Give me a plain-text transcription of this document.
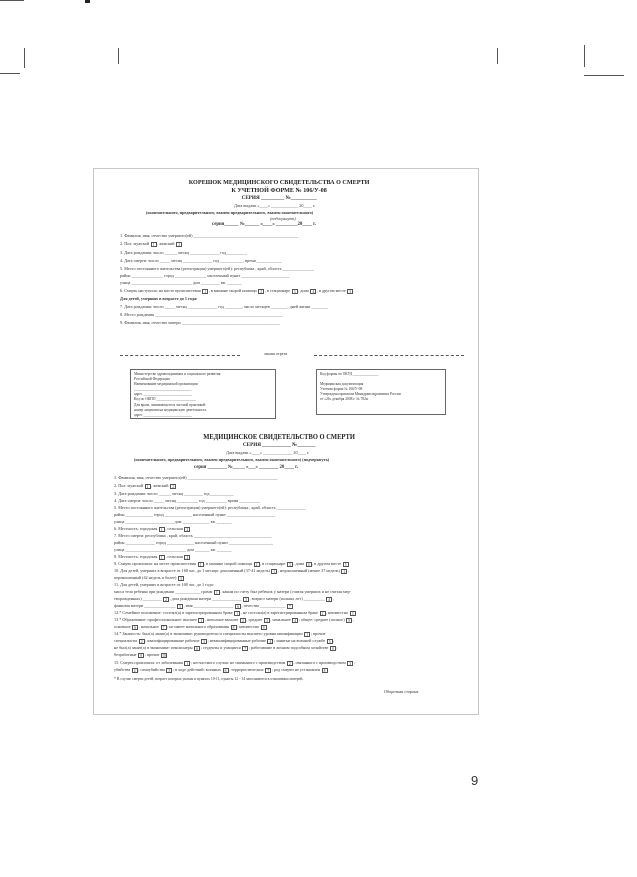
КОРЕШОК МЕДИЦИНСКОГО СВИДЕТЕЛЬСТВА О СМЕРТИ
К УЧЕТНОЙ ФОРМЕ № 106/У-08
СЕРИЯ _________ №__________
Дата выдачи «____» _____________ 20____ г.
(окончательного, предварительного, взамен предварительного, взамен окончательного)
(подчеркнуть)
серия______ №______ «____» _________20____ г.
1. Фамилия, имя, отчество умершего(ей) __________________________________________________
2. Пол: мужской 1 , женский 2
3. Дата рождения: число ______ месяц ______________ год__________
4. Дата смерти: число _____ месяц ______________ год ___________, время ____________
5. Место постоянного жительства (регистрации) умершего(ей): республика , край, область _______________
район _______________ город _______________ населенный пункт _______________________
улица _____________________________ дом _________ кв. _______
6. Смерть наступила: на месте происшествия 1 , в машине скорой помощи 2 , в стационаре 3 , дома 4 , в другом месте 5
Для детей, умерших в возрасте до 1 года:
7. Дата рождения: число _____ месяц ______________ год ________, число месяцев ________, дней жизни ________
8. Место рождения _____________________________________________________________
9. Фамилия, имя, отчество матери _______________________________________________
линия отреза
Министерство здравоохранения и социального развития
Российской Федерации
Наименование медицинской организации
________________________________
адрес ___________________________
Код по ОКПО ______________________
Для врача, занимающегося частной практикой:
номер лицензии на медицинскую деятельность
адрес ___________________________
Код формы по ОКУД ______________
Медицинская документация
Учетная форма № 106/У-08
Утверждена приказом Минздравсоцразвития России
от «26» декабря 2008 г. № 782н
МЕДИЦИНСКОЕ СВИДЕТЕЛЬСТВО О СМЕРТИ
СЕРИЯ ___________ №_______
Дата выдачи «____» ______________ 20____ г.
(окончательного, предварительного, взамен предварительного, взамен окончательного) (подчеркнуть)
серия ________ №_____ «___» ________ 20____ г.
1. Фамилия, имя, отчество умершего(ей) ___________________________________________
2. Пол: мужской 1 , женский 2
3. Дата рождения: число ______ месяц _________ год ___________
4. Дата смерти: число _____ месяц __________ год __________ время __________
5. Место постоянного жительства (регистрации) умершего(ей): республика , край, область ______________
район _____________ город _____________ населенный пункт _______________________
улица _______________________ дом _____________ кв. _______
6. Местность: городская 1 , сельская 2
7. Место смерти: республика , край, область _____________________________________
район ______________ город _____________ населенный пункт _____________________
улица _____________________________ дом _______ кв. _______
8. Местность: городская 1 , сельская 2
9. Смерть произошла: на месте происшествия 1 , в машине скорой помощи 2 , в стационаре 3 , дома 4 , в другом месте 5
10. Для детей, умерших в возрасте от 168 час. до 1 месяца: доношенный (37-41 недель) 1 , недоношенный (менее 37 недель) 2 ,
переношенный (42 недель и более) 3
11. Для детей, умерших в возрасте от 168 час. до 1 года:
масса тела ребенка при рождении ____________ грамм 1 , каким по счету был ребенок у матери (считая умерших и не считая мер-
творожденных) _________ 2 , дата рождения матери ______________ 3 , возраст матери (полных лет) __________ 4 ,
фамилия матери _______________ 5 , имя ___________________ 6 , отчество ____________ 7
12.* Семейное положение: состоял(а) в зарегистрированном браке 1 , не состоял(а) в зарегистрированном браке 2 , неизвестно 3
13.* Образование: профессиональное: высшее 1 , неполное высшее 2 , среднее 3 , начальное 4 ; общее: среднее (полное) 5 ,
основное 6 , начальное 7 ; не имеет начального образования 8 ; неизвестно 9
14.* Занятость: был(а) занят(а) в экономике: руководители и специалисты высшего уровня квалификации 1 ; прочие
специалисты 2 ; квалифицированные рабочие 3 ; неквалифицированные рабочие 4 ; занятые на военной службе 5 ;
не был(а) занят(а) в экономике: пенсионеры 6 ; студенты и учащиеся 7 ; работавшие в личном подсобном хозяйстве 8 ;
безработные 9 ; прочие 10
15. Смерть произошла: от заболевания 1 ; несчастного случая: не связанного с производством 2 , связанного с производством 3 ;
убийства 4 ; самоубийства 5 ; в ходе действий: военных 6 , террористических 7 ; род смерти не установлен 8
* В случае смерти детей, возраст которых указан в пунктах 10-11, пункты 12 - 14 заполняются в отношении матерей.
Оборотная сторона
9
